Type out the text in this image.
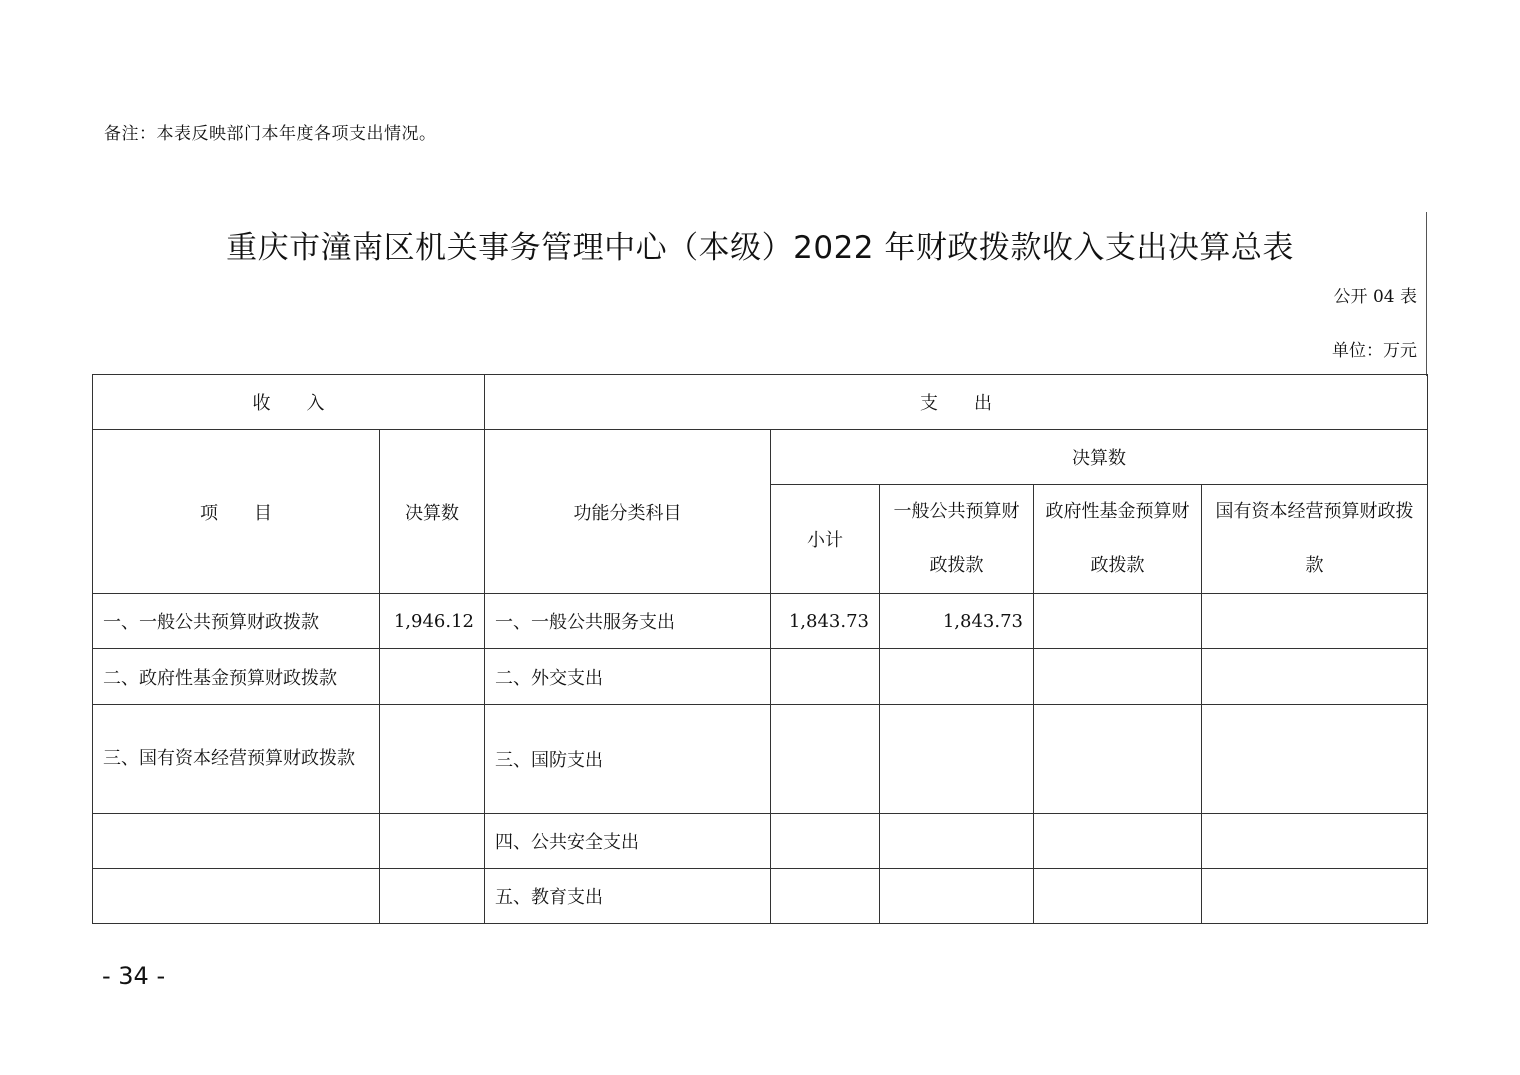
备注：本表反映部门本年度各项支出情况。
重庆市潼南区机关事务管理中心（本级）2022 年财政拨款收入支出决算总表
公开 04 表
单位：万元
收　　入		支　　出				
项　　目	决算数	功能分类科目	决算数			
			小计	一般公共预算财政拨款	政府性基金预算财政拨款	国有资本经营预算财政拨款
一、一般公共预算财政拨款	1,946.12	一、一般公共服务支出	1,843.73	1,843.73		
二、政府性基金预算财政拨款		二、外交支出				
三、国有资本经营预算财政拨款		三、国防支出				
		四、公共安全支出				
		五、教育支出				
- 34 -
